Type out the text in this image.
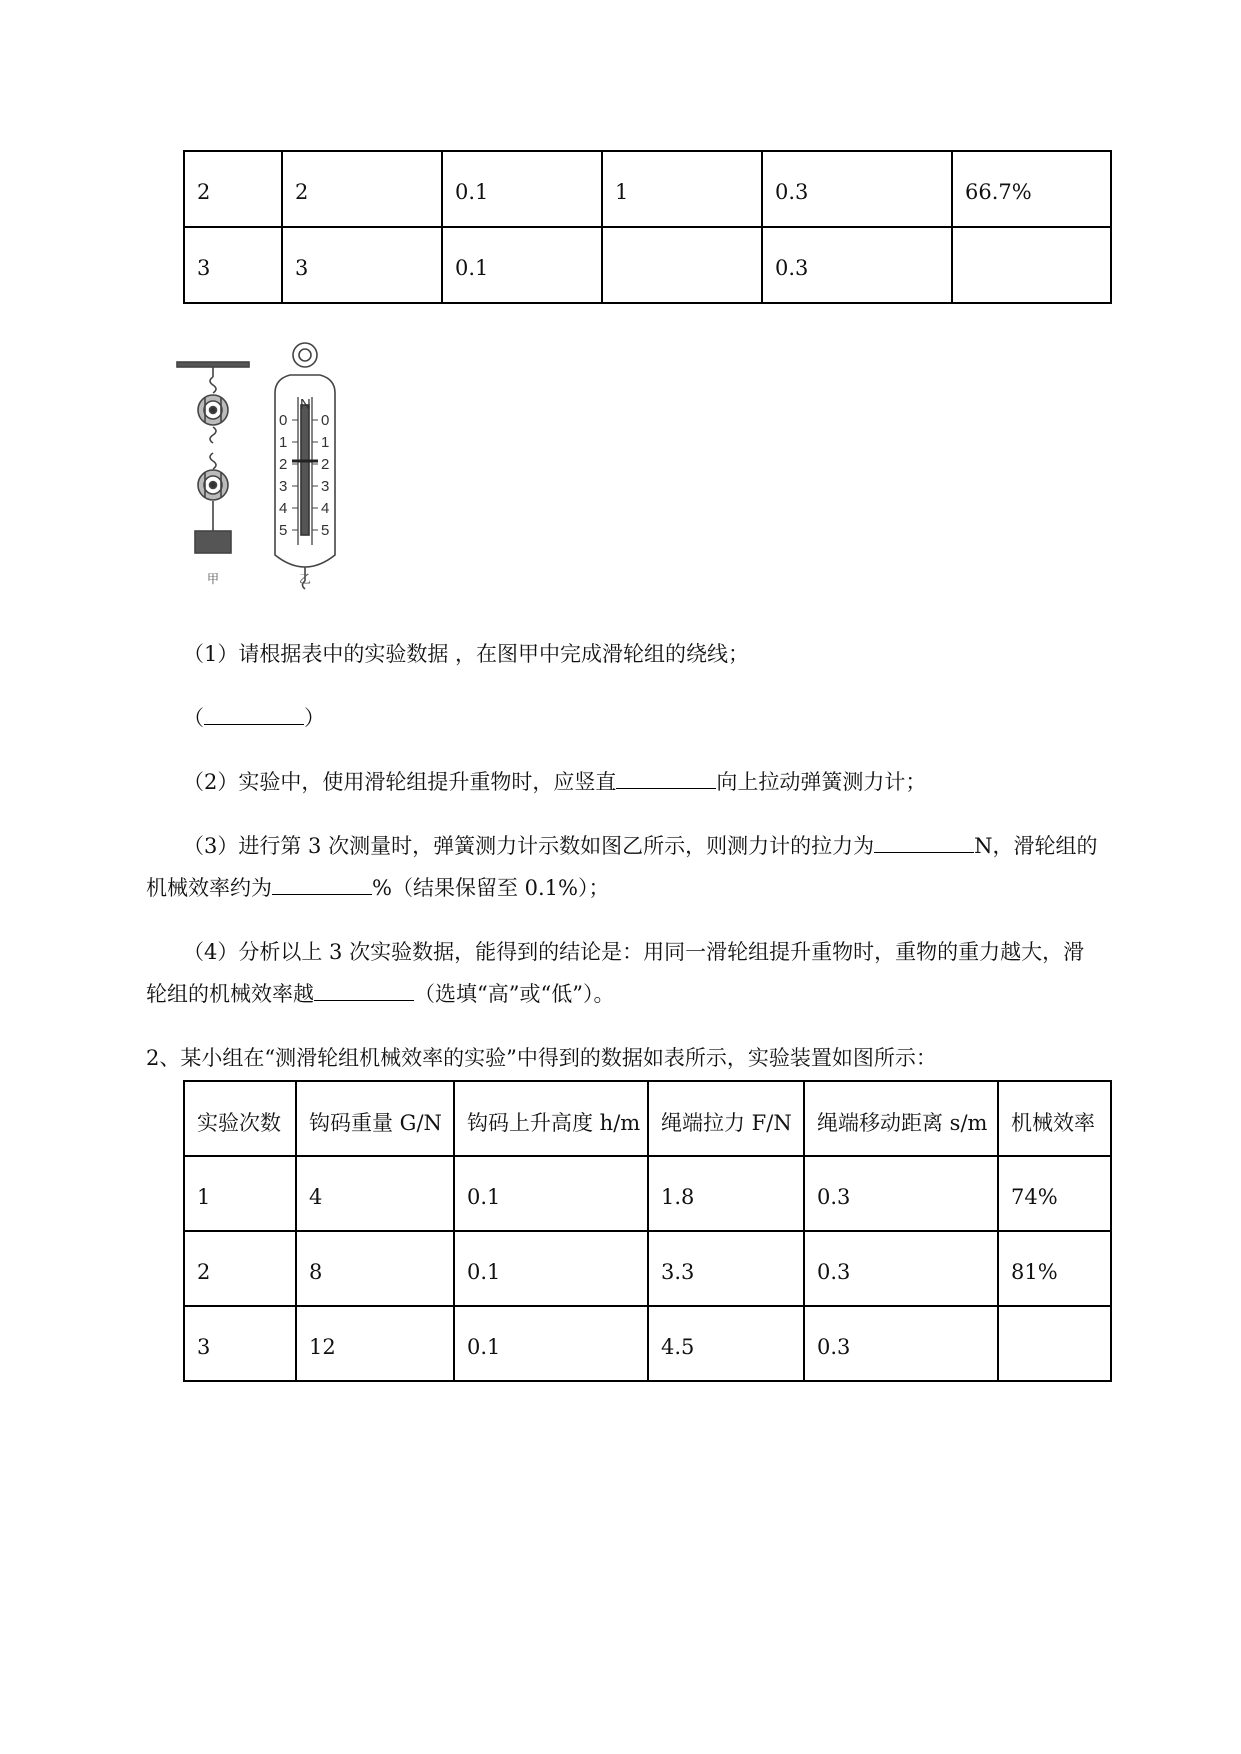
2	2	0.1	1	0.3	66.7%
3	3	0.1		0.3	
N
0
1
2
3
4
5
0
1
2
3
4
5
甲	乙
（1）请根据表中的实验数据 ，在图甲中完成滑轮组的绕线；
（	）
（2）实验中，使用滑轮组提升重物时，应竖直	向上拉动弹簧测力计；
（3）进行第 3 次测量时，弹簧测力计示数如图乙所示，则测力计的拉力为	N，滑轮组的
机械效率约为	%（结果保留至 0.1%）；
（4）分析以上 3 次实验数据，能得到的结论是：用同一滑轮组提升重物时，重物的重力越大，滑
轮组的机械效率越	（选填“高”或“低”）。
2、某小组在“测滑轮组机械效率的实验”中得到的数据如表所示，实验装置如图所示：
实验次数	钩码重量 G/N	钩码上升高度 h/m	绳端拉力 F/N	绳端移动距离 s/m	机械效率
1	4	0.1	1.8	0.3	74%
2	8	0.1	3.3	0.3	81%
3	12	0.1	4.5	0.3	
